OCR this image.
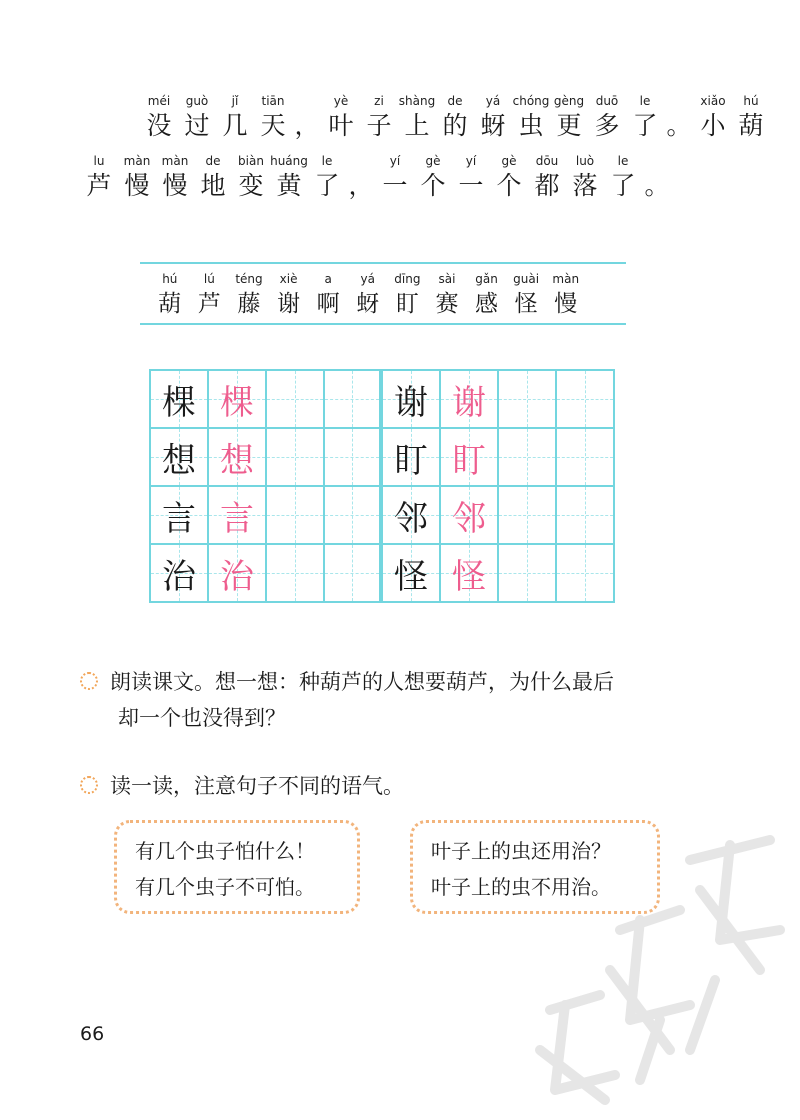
méi
没
guò
过
jǐ
几
tiān
天 ，
yè
叶
zi
子
shàng
上
de
的
yá
蚜
chóng
虫
gèng
更
duō
多
le
了 。
xiǎo
小
hú
葫
lu
芦
màn
慢
màn
慢
de
地
biàn
变
huáng
黄
le
了 ，
yí
一
gè
个
yí
一
gè
个
dōu
都
luò
落
le
了 。
hú
葫
lú
芦
téng
藤
xiè
谢
a
啊
yá
蚜
dīng
盯
sài
赛
gǎn
感
guài
怪
màn
慢
棵 棵	谢 谢
想 想	盯 盯
言 言	邻 邻
治 治	怪 怪
朗读课文。想一想：种葫芦的人想要葫芦，为什么最后
却一个也没得到？
读一读，注意句子不同的语气。
有几个虫子怕什么！
有几个虫子不可怕。
叶子上的虫还用治？
叶子上的虫不用治。
66
